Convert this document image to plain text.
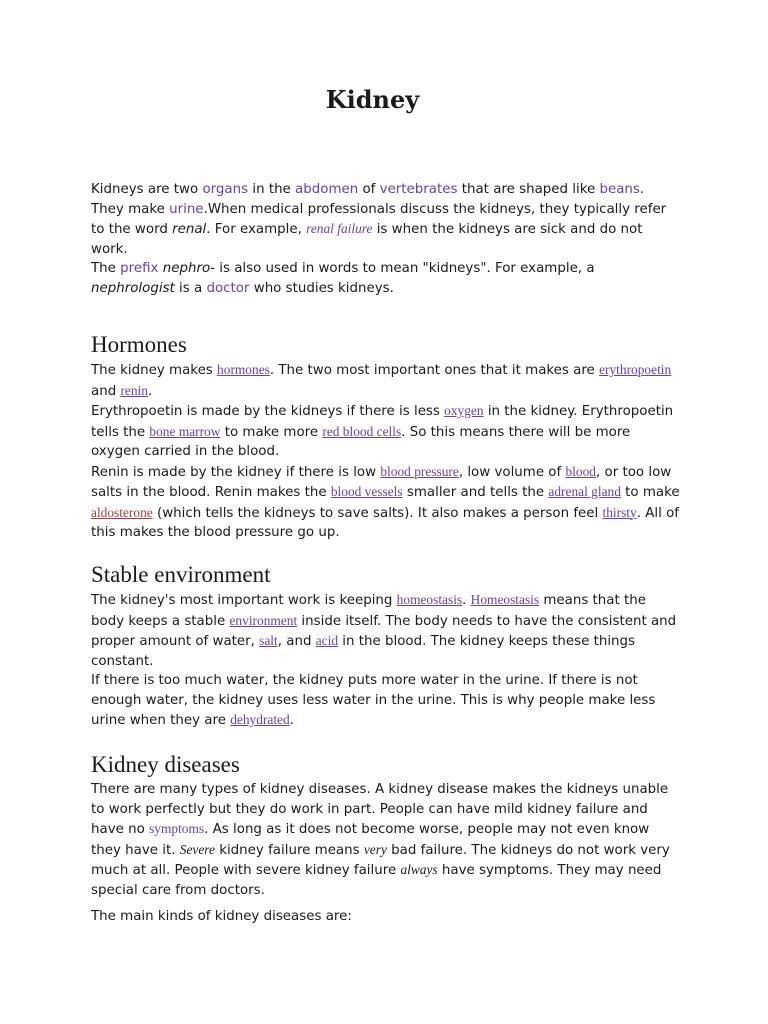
Kidney

Kidneys are two organs in the abdomen of vertebrates that are shaped like beans.
They make urine.When medical professionals discuss the kidneys, they typically refer to the word renal. For example, renal failure is when the kidneys are sick and do not work.
The prefix nephro- is also used in words to mean "kidneys". For example, a nephrologist is a doctor who studies kidneys.

Hormones

The kidney makes hormones. The two most important ones that it makes are erythropoetin and renin.
Erythropoetin is made by the kidneys if there is less oxygen in the kidney. Erythropoetin tells the bone marrow to make more red blood cells. So this means there will be more oxygen carried in the blood.
Renin is made by the kidney if there is low blood pressure, low volume of blood, or too low salts in the blood. Renin makes the blood vessels smaller and tells the adrenal gland to make aldosterone (which tells the kidneys to save salts). It also makes a person feel thirsty. All of this makes the blood pressure go up.

Stable environment

The kidney's most important work is keeping homeostasis. Homeostasis means that the body keeps a stable environment inside itself. The body needs to have the consistent and proper amount of water, salt, and acid in the blood. The kidney keeps these things constant.
If there is too much water, the kidney puts more water in the urine. If there is not enough water, the kidney uses less water in the urine. This is why people make less urine when they are dehydrated.

Kidney diseases

There are many types of kidney diseases. A kidney disease makes the kidneys unable to work perfectly but they do work in part. People can have mild kidney failure and have no symptoms. As long as it does not become worse, people may not even know they have it. Severe kidney failure means very bad failure. The kidneys do not work very much at all. People with severe kidney failure always have symptoms. They may need special care from doctors.

The main kinds of kidney diseases are:
